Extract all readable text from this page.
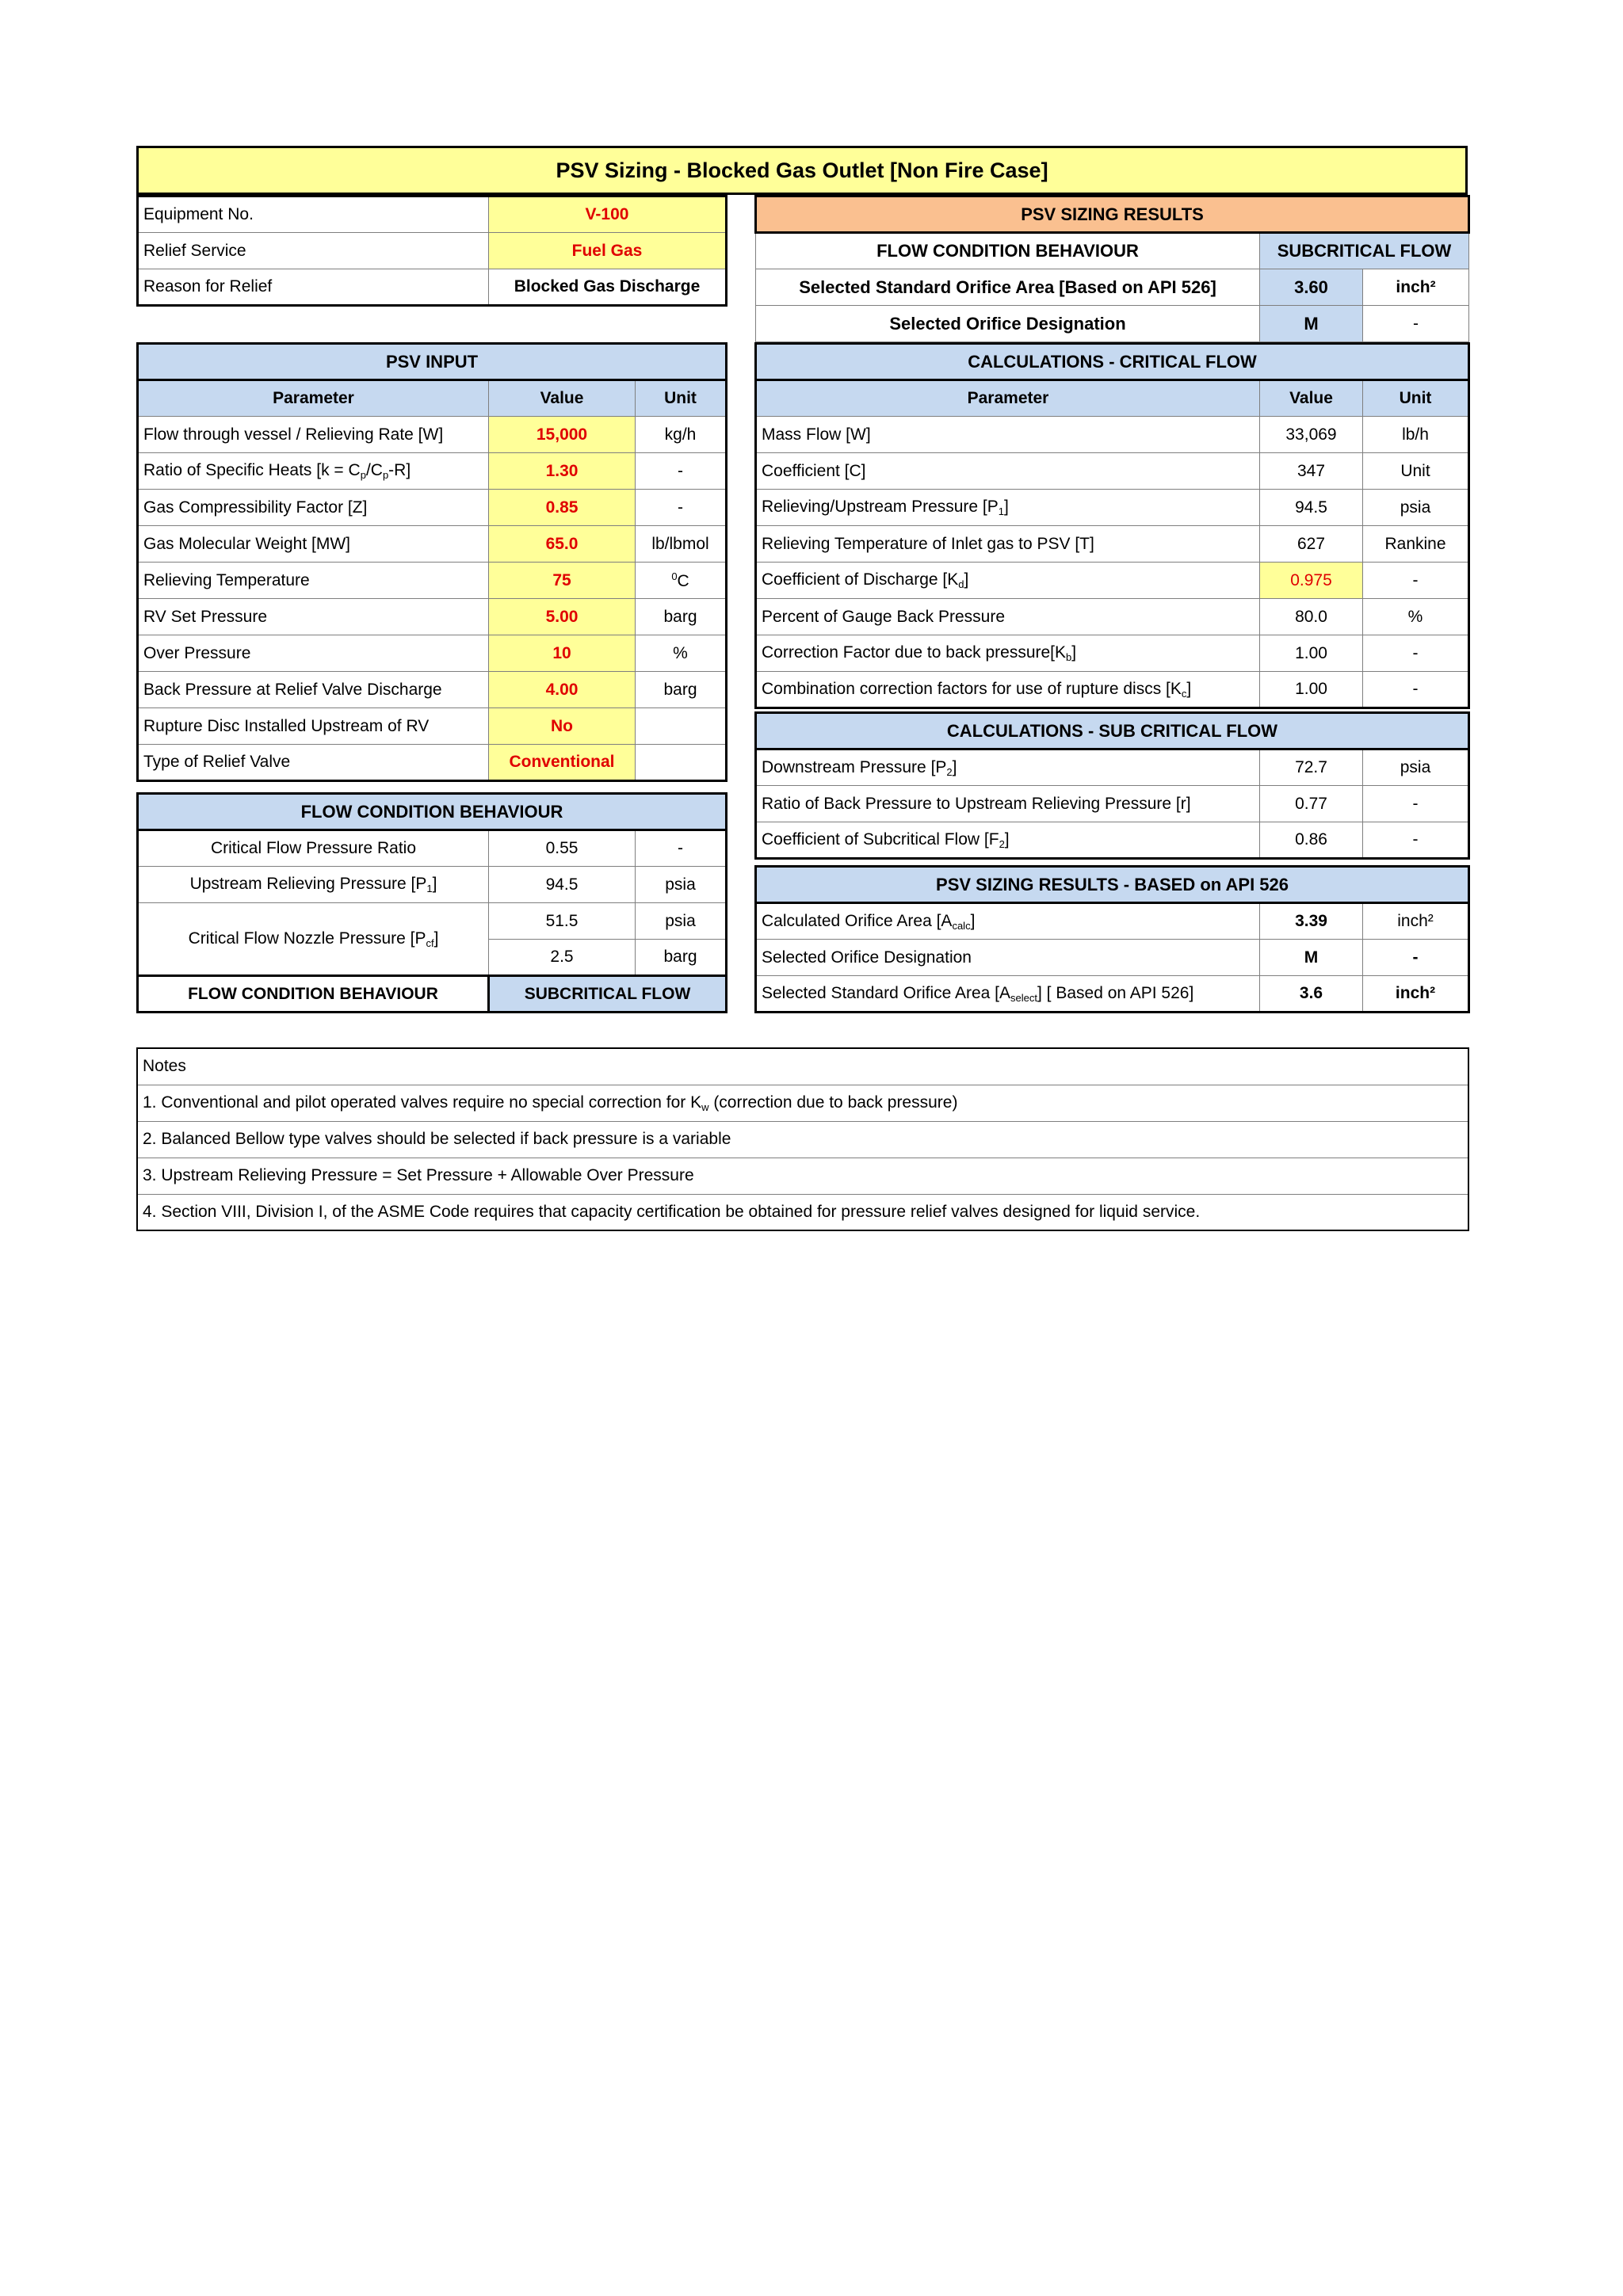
PSV Sizing - Blocked Gas Outlet [Non Fire Case]
Equipment No.	V-100
Relief Service	Fuel Gas
Reason for Relief	Blocked Gas Discharge
PSV SIZING RESULTS		
FLOW CONDITION BEHAVIOUR	SUBCRITICAL FLOW	
Selected Standard Orifice Area [Based on API 526]	3.60	inch²
Selected Orifice Designation	M	-
PSV INPUT		
Parameter	Value	Unit
Flow through vessel / Relieving Rate [W]	15,000	kg/h
Ratio of Specific Heats $[k = C_p/C_p-R]$	1.30	-
Gas Compressibility Factor [Z]	0.85	-
Gas Molecular Weight [MW]	65.0	lb/lbmol
Relieving Temperature	75	$^0$C
RV Set Pressure	5.00	barg
Over Pressure	10	%
Back Pressure at Relief Valve Discharge	4.00	barg
Rupture Disc Installed Upstream of RV	No	
Type of Relief Valve	Conventional	
FLOW CONDITION BEHAVIOUR		
Critical Flow Pressure Ratio	0.55	-
Upstream Relieving Pressure $[P_1]$	94.5	psia
Critical Flow Nozzle Pressure $[P_{cf}]$	51.5	psia
	2.5	barg
FLOW CONDITION BEHAVIOUR	SUBCRITICAL FLOW	
CALCULATIONS - CRITICAL FLOW		
Parameter	Value	Unit
Mass Flow [W]	33,069	lb/h
Coefficient [C]	347	Unit
Relieving/Upstream Pressure $[P_1]$	94.5	psia
Relieving Temperature of Inlet gas to PSV [T]	627	Rankine
Coefficient of Discharge $[K_d]$	0.975	-
Percent of Gauge Back Pressure	80.0	%
Correction Factor due to back $pressure[K_b]$	1.00	-
Combination correction factors for use of rupture discs $[K_c]$	1.00	-
CALCULATIONS - SUB CRITICAL FLOW		
Downstream Pressure $[P_2]$	72.7	psia
Ratio of Back Pressure to Upstream Relieving Pressure [r]	0.77	-
Coefficient of Subcritical Flow $[F_2]$	0.86	-
PSV SIZING RESULTS - BASED on API 526		
Calculated Orifice Area $[A_{calc}]$	3.39	inch²
Selected Orifice Designation	M	-
Selected Standard Orifice Area $[A_{select}]$ [ Based on API 526]	3.6	inch²
Notes
1. Conventional and pilot operated valves require no special correction for $K_w$ (correction due to back pressure)
2. Balanced Bellow type valves should be selected if back pressure is a variable
3. Upstream Relieving Pressure = Set Pressure + Allowable Over Pressure
4. Section VIII, Division I, of the ASME Code requires that capacity certification be obtained for pressure relief valves designed for liquid service.
